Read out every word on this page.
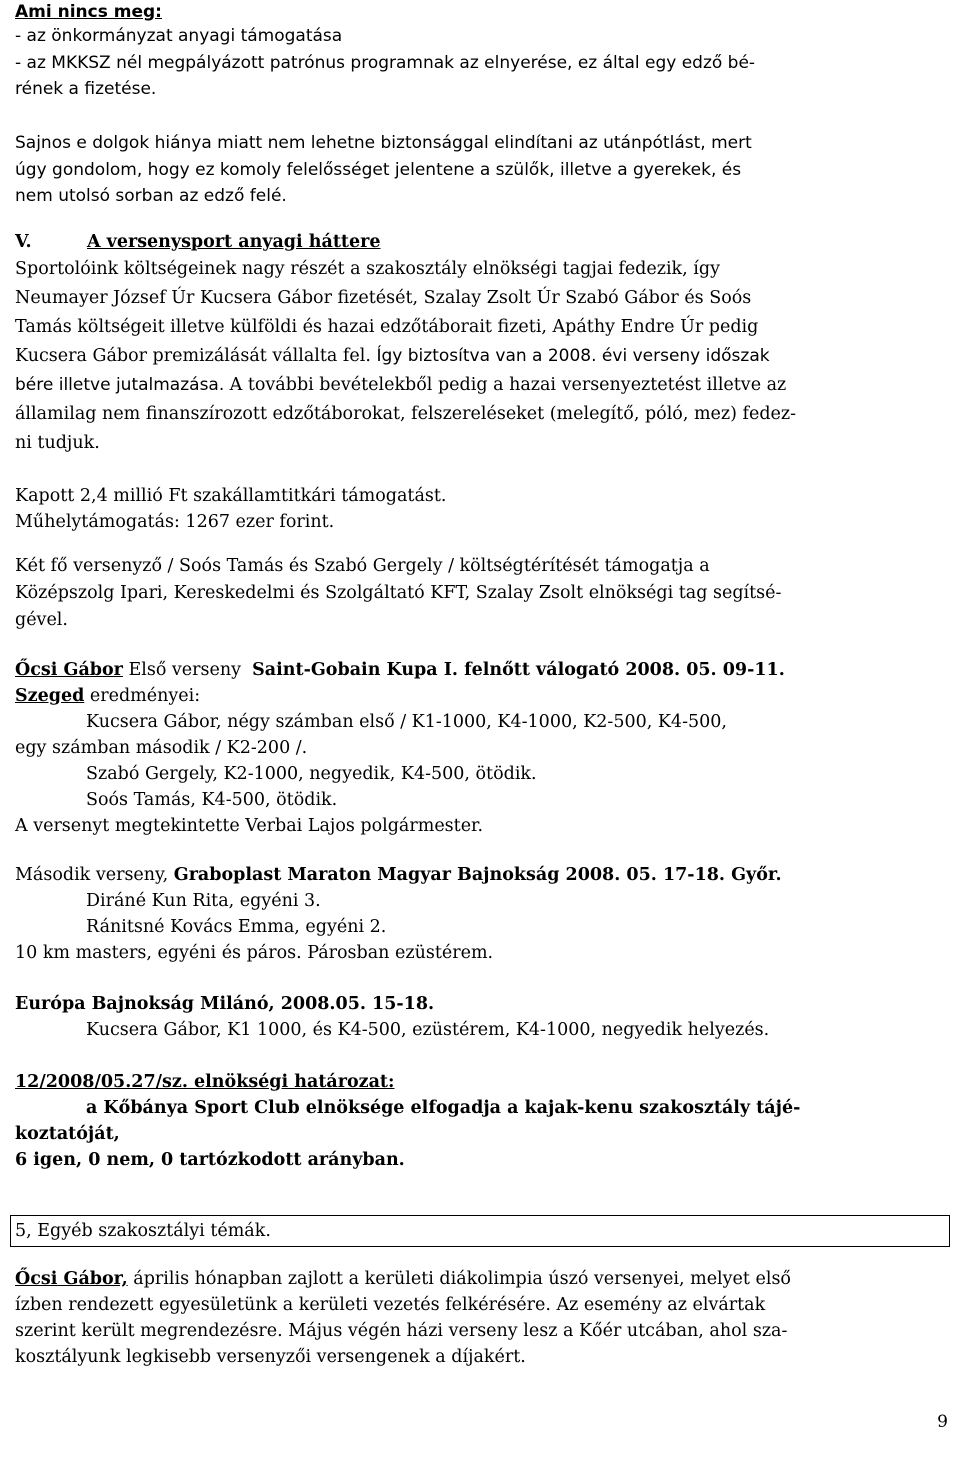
Ami nincs meg:
- az önkormányzat anyagi támogatása
- az MKKSZ nél megpályázott patrónus programnak az elnyerése, ez által egy edző bé-
rének a fizetése.
Sajnos e dolgok hiánya miatt nem lehetne biztonsággal elindítani az utánpótlást, mert
úgy gondolom, hogy ez komoly felelősséget jelentene a szülők, illetve a gyerekek, és
nem utolsó sorban az edző felé.
V.	A versenysport anyagi háttere
Sportolóink költségeinek nagy részét a szakosztály elnökségi tagjai fedezik, így
Neumayer József Úr Kucsera Gábor fizetését, Szalay Zsolt Úr Szabó Gábor és Soós
Tamás költségeit illetve külföldi és hazai edzőtáborait fizeti, Apáthy Endre Úr pedig
Kucsera Gábor premizálását vállalta fel. Így biztosítva van a 2008. évi verseny időszak
bére illetve jutalmazása. A további bevételekből pedig a hazai versenyeztetést illetve az
államilag nem finanszírozott edzőtáborokat, felszereléseket (melegítő, póló, mez) fedez-
ni tudjuk.
Kapott 2,4 millió Ft szakállamtitkári támogatást.
Műhelytámogatás: 1267 ezer forint.
Két fő versenyző / Soós Tamás és Szabó Gergely / költségtérítését támogatja a
Középszolg Ipari, Kereskedelmi és Szolgáltató KFT, Szalay Zsolt elnökségi tag segítsé-
gével.
Őcsi Gábor Első verseny  Saint-Gobain Kupa I. felnőtt válogató 2008. 05. 09-11.
Szeged eredményei:
Kucsera Gábor, négy számban első / K1-1000, K4-1000, K2-500, K4-500,
egy számban második / K2-200 /.
Szabó Gergely, K2-1000, negyedik, K4-500, ötödik.
Soós Tamás, K4-500, ötödik.
A versenyt megtekintette Verbai Lajos polgármester.
Második verseny, Graboplast Maraton Magyar Bajnokság 2008. 05. 17-18. Győr.
Diráné Kun Rita, egyéni 3.
Ránitsné Kovács Emma, egyéni 2.
10 km masters, egyéni és páros. Párosban ezüstérem.
Európa Bajnokság Milánó, 2008.05. 15-18.
Kucsera Gábor, K1 1000, és K4-500, ezüstérem, K4-1000, negyedik helyezés.
12/2008/05.27/sz. elnökségi határozat:
a Kőbánya Sport Club elnöksége elfogadja a kajak-kenu szakosztály tájé-
koztatóját,
6 igen, 0 nem, 0 tartózkodott arányban.
5, Egyéb szakosztályi témák.
Őcsi Gábor, április hónapban zajlott a kerületi diákolimpia úszó versenyei, melyet első
ízben rendezett egyesületünk a kerületi vezetés felkérésére. Az esemény az elvártak
szerint került megrendezésre. Május végén házi verseny lesz a Kőér utcában, ahol sza-
kosztályunk legkisebb versenyzői versengenek a díjakért.
9
